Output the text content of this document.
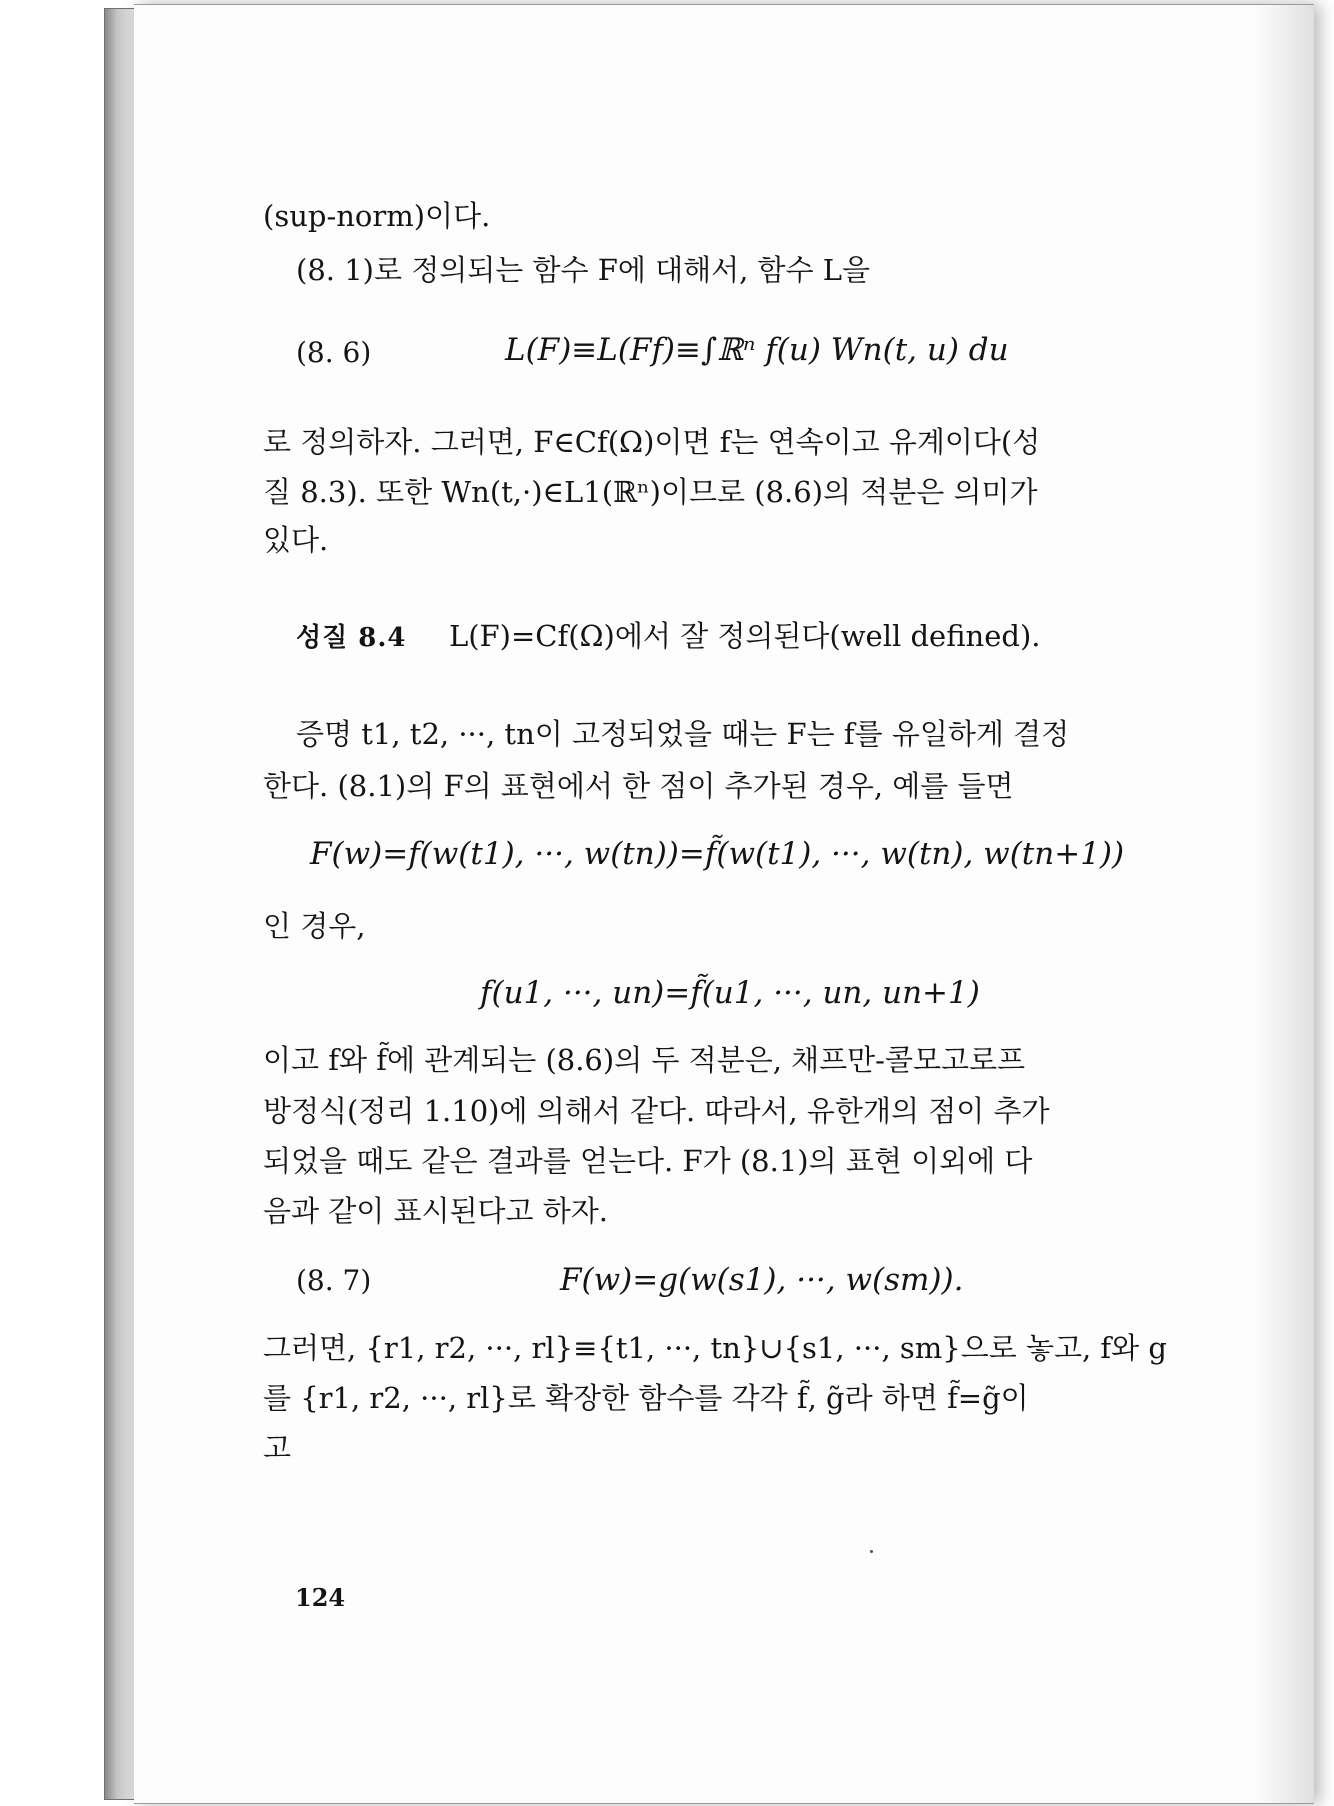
(sup-norm)이다.
(8. 1)로 정의되는 함수 F에 대해서, 함수 L을
(8. 6)	L(F)≡L(Ff)≡∫ℝⁿ f(u) Wn(t, u) du
로 정의하자. 그러면, F∈Cf(Ω)이면 f는 연속이고 유계이다(성
질 8.3). 또한 Wn(t,·)∈L1(ℝⁿ)이므로 (8.6)의 적분은 의미가
있다.
성질 8.4 L(F)=Cf(Ω)에서 잘 정의된다(well defined).
증명 t1, t2, ···, tn이 고정되었을 때는 F는 f를 유일하게 결정
한다. (8.1)의 F의 표현에서 한 점이 추가된 경우, 예를 들면
F(w)=f(w(t1), ···, w(tn))=f̃(w(t1), ···, w(tn), w(tn+1))
인 경우,
f(u1, ···, un)=f̃(u1, ···, un, un+1)
이고 f와 f̃에 관계되는 (8.6)의 두 적분은, 채프만-콜모고로프
방정식(정리 1.10)에 의해서 같다. 따라서, 유한개의 점이 추가
되었을 때도 같은 결과를 얻는다. F가 (8.1)의 표현 이외에 다
음과 같이 표시된다고 하자.
(8. 7)	F(w)=g(w(s1), ···, w(sm)).
그러면, {r1, r2, ···, rl}≡{t1, ···, tn}∪{s1, ···, sm}으로 놓고, f와 g
를 {r1, r2, ···, rl}로 확장한 함수를 각각 f̃, g̃라 하면 f̃=g̃이
고
124
